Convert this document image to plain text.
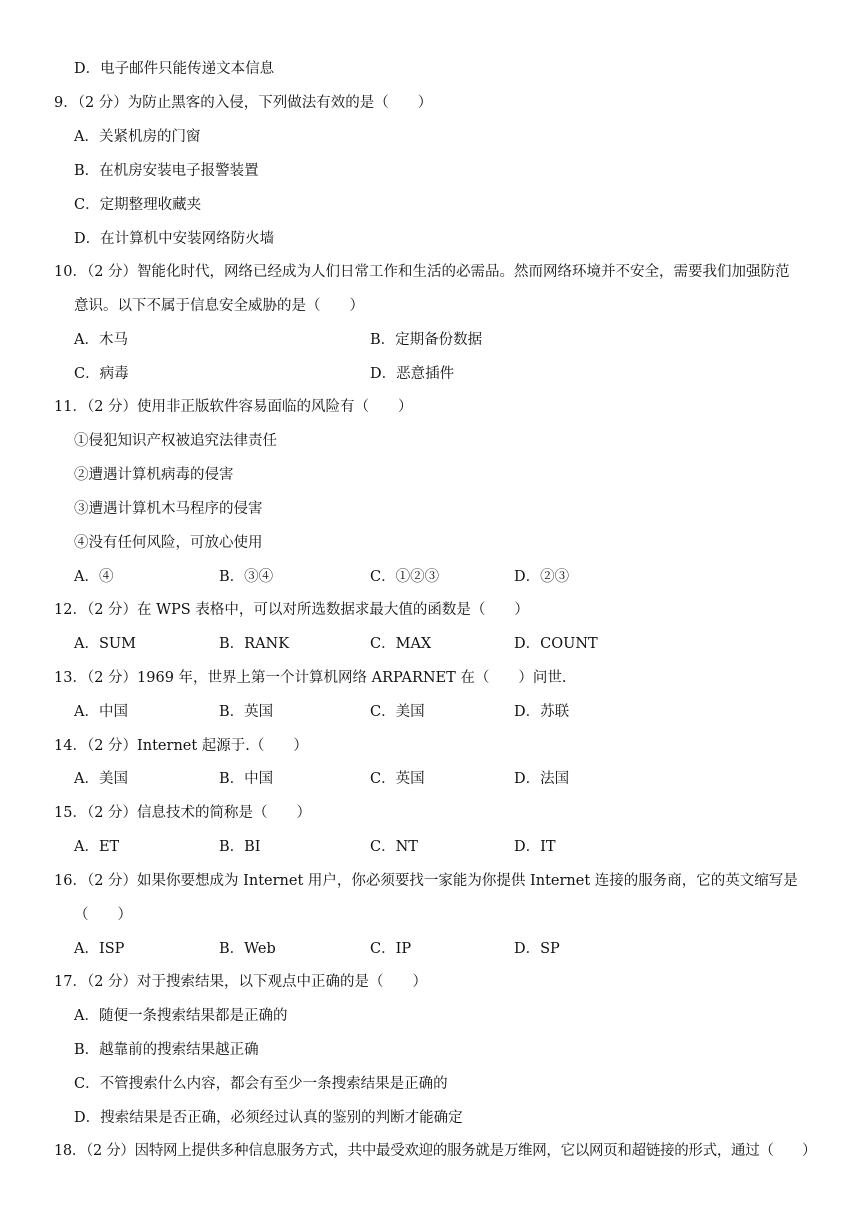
D．电子邮件只能传递文本信息
9．（2 分）为防止黑客的入侵，下列做法有效的是（　　）
A．关紧机房的门窗
B．在机房安装电子报警装置
C．定期整理收藏夹
D．在计算机中安装网络防火墙
10．（2 分）智能化时代，网络已经成为人们日常工作和生活的必需品。然而网络环境并不安全，需要我们加强防范
意识。以下不属于信息安全威胁的是（　　）
A．木马	B．定期备份数据
C．病毒	D．恶意插件
11．（2 分）使用非正版软件容易面临的风险有（　　）
①侵犯知识产权被追究法律责任
②遭遇计算机病毒的侵害
③遭遇计算机木马程序的侵害
④没有任何风险，可放心使用
A．④	B．③④	C．①②③	D．②③
12．（2 分）在 WPS 表格中，可以对所选数据求最大值的函数是（　　）
A．SUM	B．RANK	C．MAX	D．COUNT
13．（2 分）1969 年，世界上第一个计算机网络 ARPARNET 在（　　）问世.
A．中国	B．英国	C．美国	D．苏联
14．（2 分）Internet 起源于.（　　）
A．美国	B．中国	C．英国	D．法国
15．（2 分）信息技术的简称是（　　）
A．ET	B．BI	C．NT	D．IT
16．（2 分）如果你要想成为 Internet 用户，你必须要找一家能为你提供 Internet 连接的服务商，它的英文缩写是
（　　）
A．ISP	B．Web	C．IP	D．SP
17．（2 分）对于搜索结果，以下观点中正确的是（　　）
A．随便一条搜索结果都是正确的
B．越靠前的搜索结果越正确
C．不管搜索什么内容，都会有至少一条搜索结果是正确的
D．搜索结果是否正确，必须经过认真的鉴别的判断才能确定
18．（2 分）因特网上提供多种信息服务方式，共中最受欢迎的服务就是万维网，它以网页和超链接的形式，通过（　　）
